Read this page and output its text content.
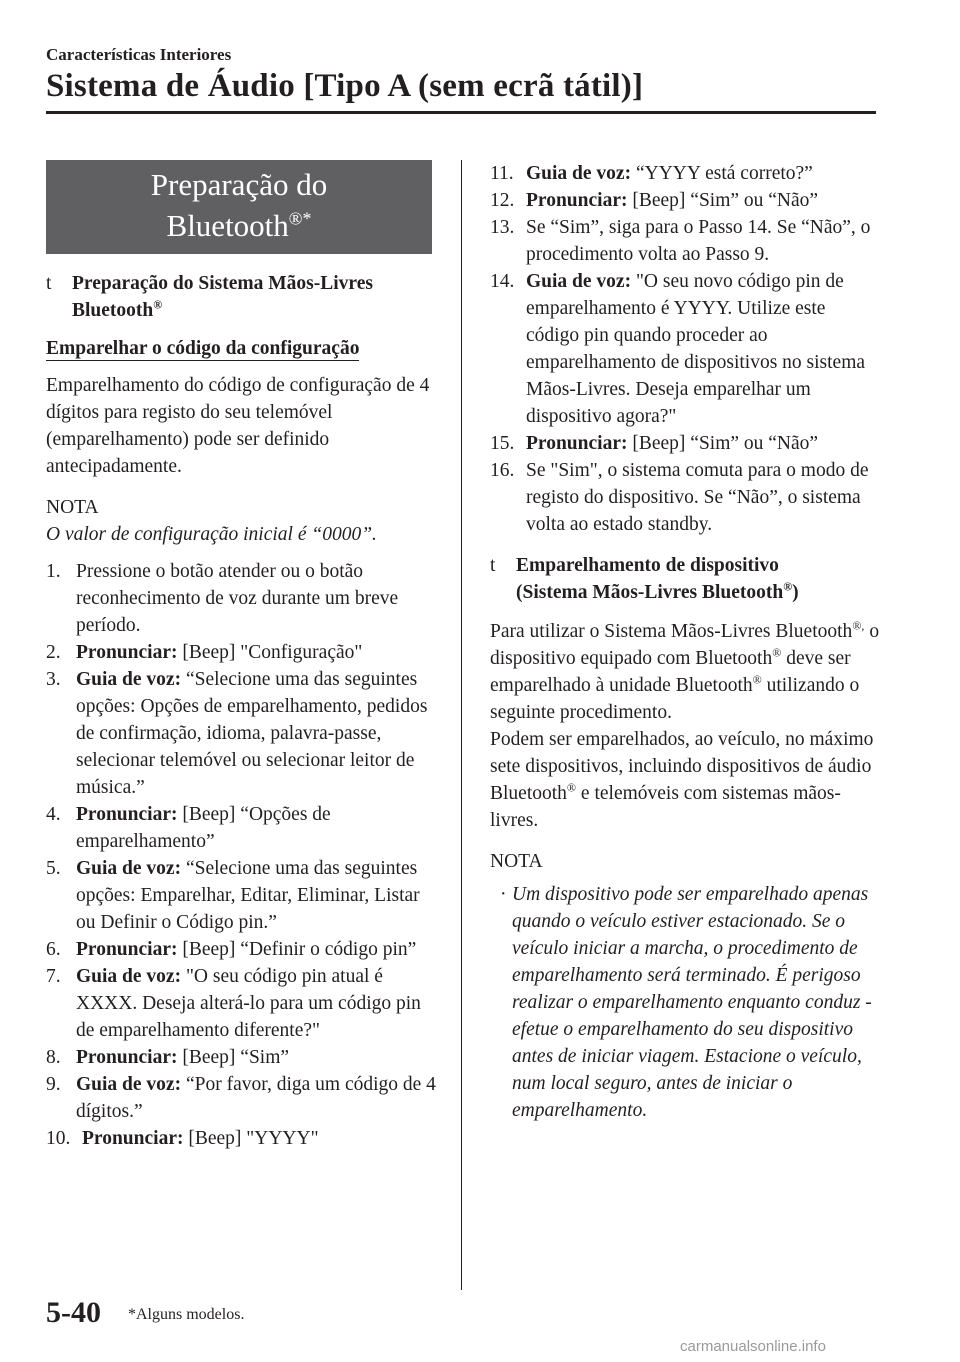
Características Interiores
Sistema de Áudio [Tipo A (sem ecrã tátil)]
Preparação do
Bluetooth®*
t	Preparação do Sistema Mãos-Livres
Bluetooth®
Emparelhar o código da configuração

Emparelhamento do código de configuração de 4 dígitos para registo do seu telemóvel (emparelhamento) pode ser definido antecipadamente.

NOTA

O valor de configuração inicial é “0000”.

1. Pressione o botão atender ou o botão reconhecimento de voz durante um breve período.
2. Pronunciar: [Beep] "Configuração"
3. Guia de voz: “Selecione uma das seguintes opções: Opções de emparelhamento, pedidos de confirmação, idioma, palavra-passe, selecionar telemóvel ou selecionar leitor de música.”
4. Pronunciar: [Beep] “Opções de emparelhamento”
5. Guia de voz: “Selecione uma das seguintes opções: Emparelhar, Editar, Eliminar, Listar ou Definir o Código pin.”
6. Pronunciar: [Beep] “Definir o código pin”
7. Guia de voz: "O seu código pin atual é XXXX. Deseja alterá-lo para um código pin de emparelhamento diferente?"
8. Pronunciar: [Beep] “Sim”
9. Guia de voz: “Por favor, diga um código de 4 dígitos.”
10. Pronunciar: [Beep] "YYYY"
11. Guia de voz: “YYYY está correto?”
12. Pronunciar: [Beep] “Sim” ou “Não”
13. Se “Sim”, siga para o Passo 14. Se “Não”, o procedimento volta ao Passo 9.
14. Guia de voz: "O seu novo código pin de emparelhamento é YYYY. Utilize este código pin quando proceder ao emparelhamento de dispositivos no sistema Mãos-Livres. Deseja emparelhar um dispositivo agora?"
15. Pronunciar: [Beep] “Sim” ou “Não”
16. Se "Sim", o sistema comuta para o modo de registo do dispositivo. Se “Não”, o sistema volta ao estado standby.
t	Emparelhamento de dispositivo
(Sistema Mãos-Livres Bluetooth®)

Para utilizar o Sistema Mãos-Livres Bluetooth®, o dispositivo equipado com Bluetooth® deve ser emparelhado à unidade Bluetooth® utilizando o seguinte procedimento.

Podem ser emparelhados, ao veículo, no máximo sete dispositivos, incluindo dispositivos de áudio Bluetooth® e telemóveis com sistemas mãos-livres.

NOTA

· Um dispositivo pode ser emparelhado apenas quando o veículo estiver estacionado. Se o veículo iniciar a marcha, o procedimento de emparelhamento será terminado. É perigoso realizar o emparelhamento enquanto conduz - efetue o emparelhamento do seu dispositivo antes de iniciar viagem. Estacione o veículo, num local seguro, antes de iniciar o emparelhamento.
5-40 *Alguns modelos.
carmanualsonline.info
